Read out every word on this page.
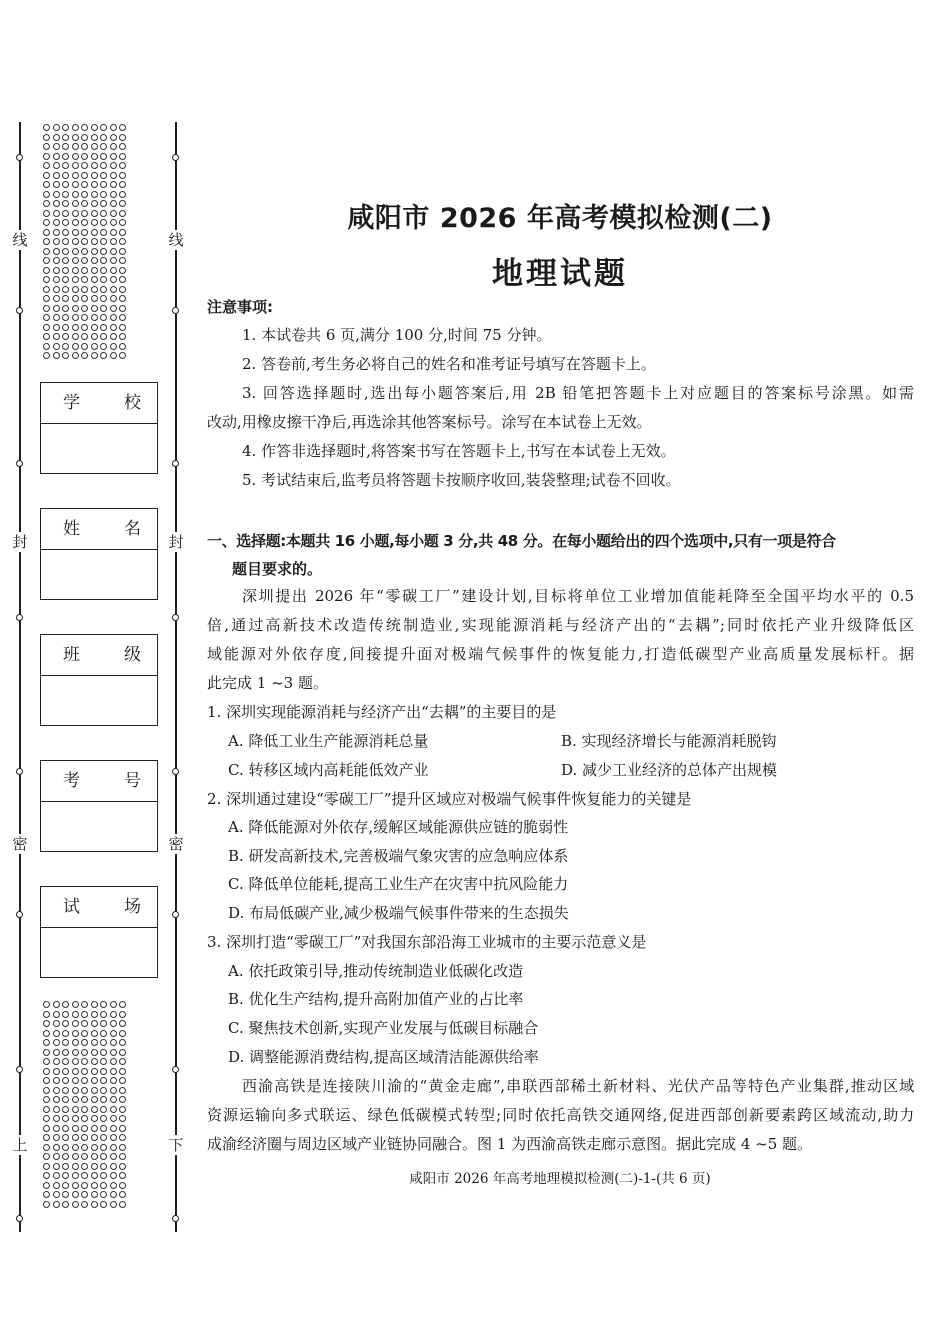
线
封
密
上
线
封
密
下
学	校
姓	名
班	级
考	号
试	场
咸阳市 2026 年高考模拟检测(二)
地理试题
注意事项:
1. 本试卷共 6 页,满分 100 分,时间 75 分钟。
2. 答卷前,考生务必将自己的姓名和准考证号填写在答题卡上。
3. 回答选择题时,选出每小题答案后,用 2B 铅笔把答题卡上对应题目的答案标号涂黑。如需
改动,用橡皮擦干净后,再选涂其他答案标号。涂写在本试卷上无效。
4. 作答非选择题时,将答案书写在答题卡上,书写在本试卷上无效。
5. 考试结束后,监考员将答题卡按顺序收回,装袋整理;试卷不回收。
一、选择题:本题共 16 小题,每小题 3 分,共 48 分。在每小题给出的四个选项中,只有一项是符合
题目要求的。
深圳提出 2026 年“零碳工厂”建设计划,目标将单位工业增加值能耗降至全国平均水平的 0.5
倍,通过高新技术改造传统制造业,实现能源消耗与经济产出的“去耦”;同时依托产业升级降低区
域能源对外依存度,间接提升面对极端气候事件的恢复能力,打造低碳型产业高质量发展标杆。据
此完成 1 ~3 题。
1. 深圳实现能源消耗与经济产出“去耦”的主要目的是
A. 降低工业生产能源消耗总量	B. 实现经济增长与能源消耗脱钩
C. 转移区域内高耗能低效产业	D. 减少工业经济的总体产出规模
2. 深圳通过建设“零碳工厂”提升区域应对极端气候事件恢复能力的关键是
A. 降低能源对外依存,缓解区域能源供应链的脆弱性
B. 研发高新技术,完善极端气象灾害的应急响应体系
C. 降低单位能耗,提高工业生产在灾害中抗风险能力
D. 布局低碳产业,减少极端气候事件带来的生态损失
3. 深圳打造“零碳工厂”对我国东部沿海工业城市的主要示范意义是
A. 依托政策引导,推动传统制造业低碳化改造
B. 优化生产结构,提升高附加值产业的占比率
C. 聚焦技术创新,实现产业发展与低碳目标融合
D. 调整能源消费结构,提高区域清洁能源供给率
西渝高铁是连接陕川渝的“黄金走廊”,串联西部稀土新材料、光伏产品等特色产业集群,推动区域
资源运输向多式联运、绿色低碳模式转型;同时依托高铁交通网络,促进西部创新要素跨区域流动,助力
成渝经济圈与周边区域产业链协同融合。图 1 为西渝高铁走廊示意图。据此完成 4 ~5 题。
咸阳市 2026 年高考地理模拟检测(二)-1-(共 6 页)
